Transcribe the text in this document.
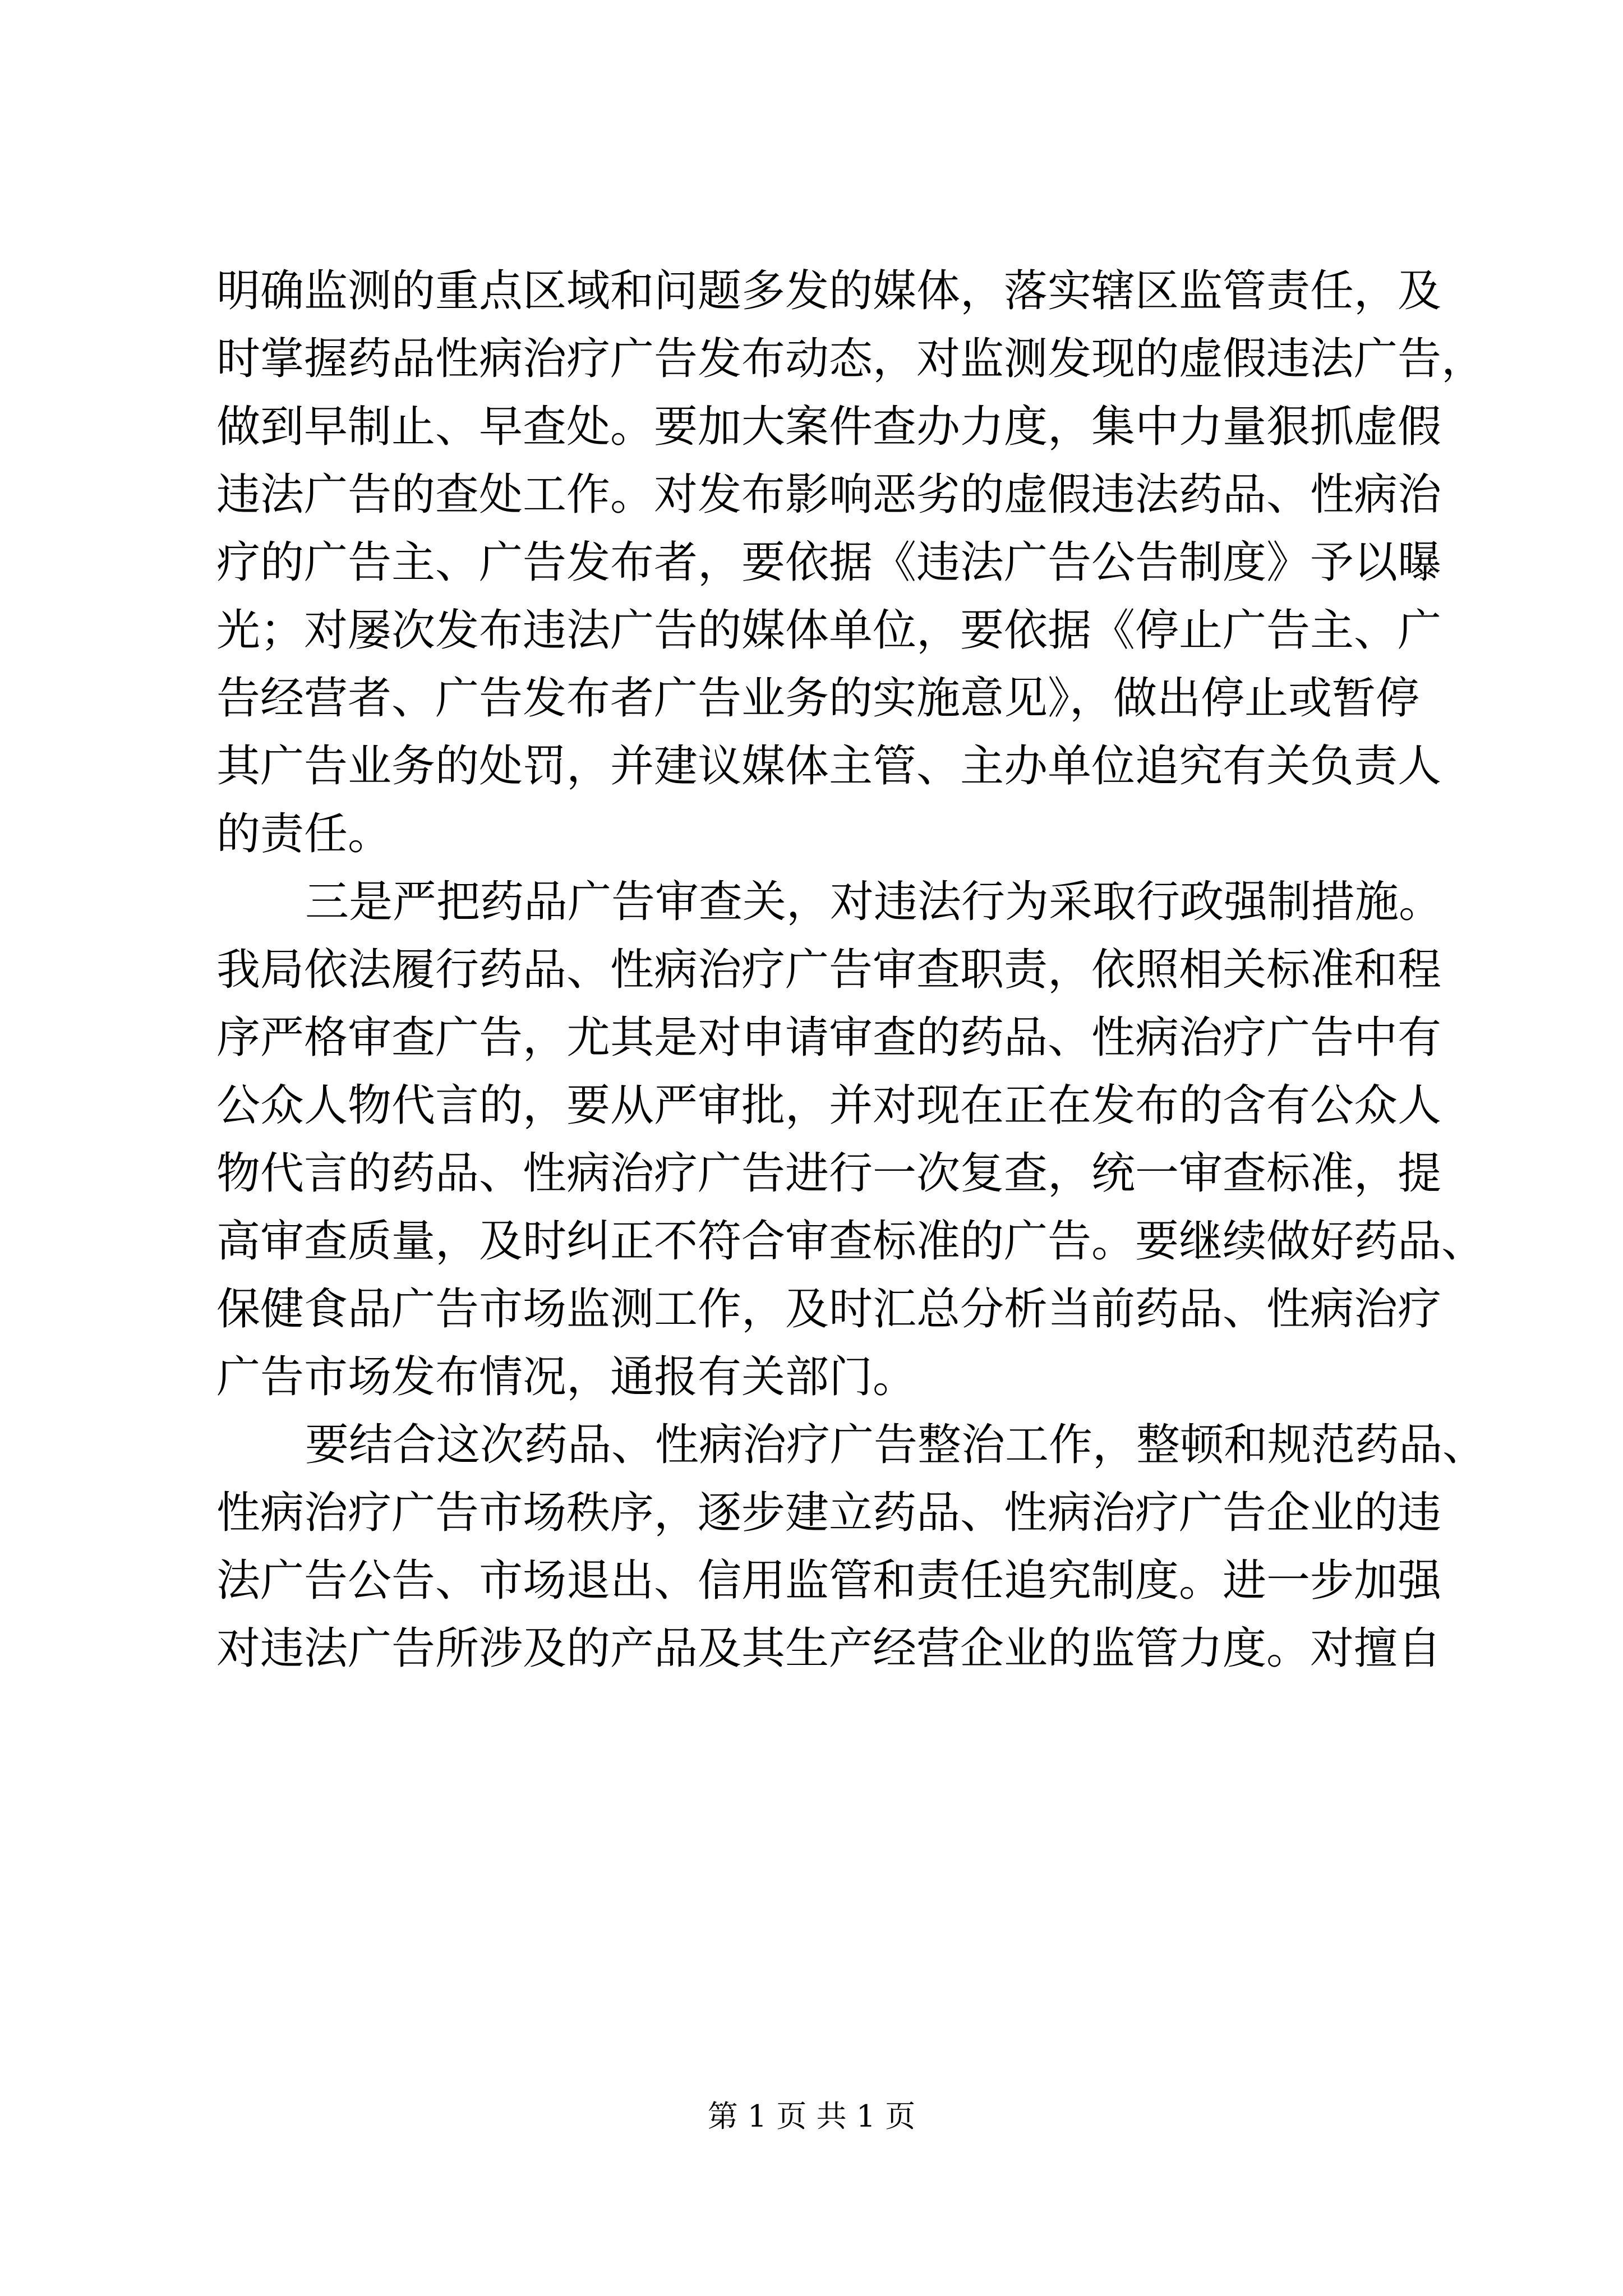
明确监测的重点区域和问题多发的媒体，落实辖区监管责任，及
时掌握药品性病治疗广告发布动态，对监测发现的虚假违法广告，
做到早制止、早查处。要加大案件查办力度，集中力量狠抓虚假
违法广告的查处工作。对发布影响恶劣的虚假违法药品、性病治
疗的广告主、广告发布者，要依据《违法广告公告制度》予以曝
光；对屡次发布违法广告的媒体单位，要依据《停止广告主、广
告经营者、广告发布者广告业务的实施意见》，做出停止或暂停
其广告业务的处罚，并建议媒体主管、主办单位追究有关负责人
的责任。
三是严把药品广告审查关，对违法行为采取行政强制措施。
我局依法履行药品、性病治疗广告审查职责，依照相关标准和程
序严格审查广告，尤其是对申请审查的药品、性病治疗广告中有
公众人物代言的，要从严审批，并对现在正在发布的含有公众人
物代言的药品、性病治疗广告进行一次复查，统一审查标准，提
高审查质量，及时纠正不符合审查标准的广告。要继续做好药品、
保健食品广告市场监测工作，及时汇总分析当前药品、性病治疗
广告市场发布情况，通报有关部门。
要结合这次药品、性病治疗广告整治工作，整顿和规范药品、
性病治疗广告市场秩序，逐步建立药品、性病治疗广告企业的违
法广告公告、市场退出、信用监管和责任追究制度。进一步加强
对违法广告所涉及的产品及其生产经营企业的监管力度。对擅自
第 1 页 共 1 页
